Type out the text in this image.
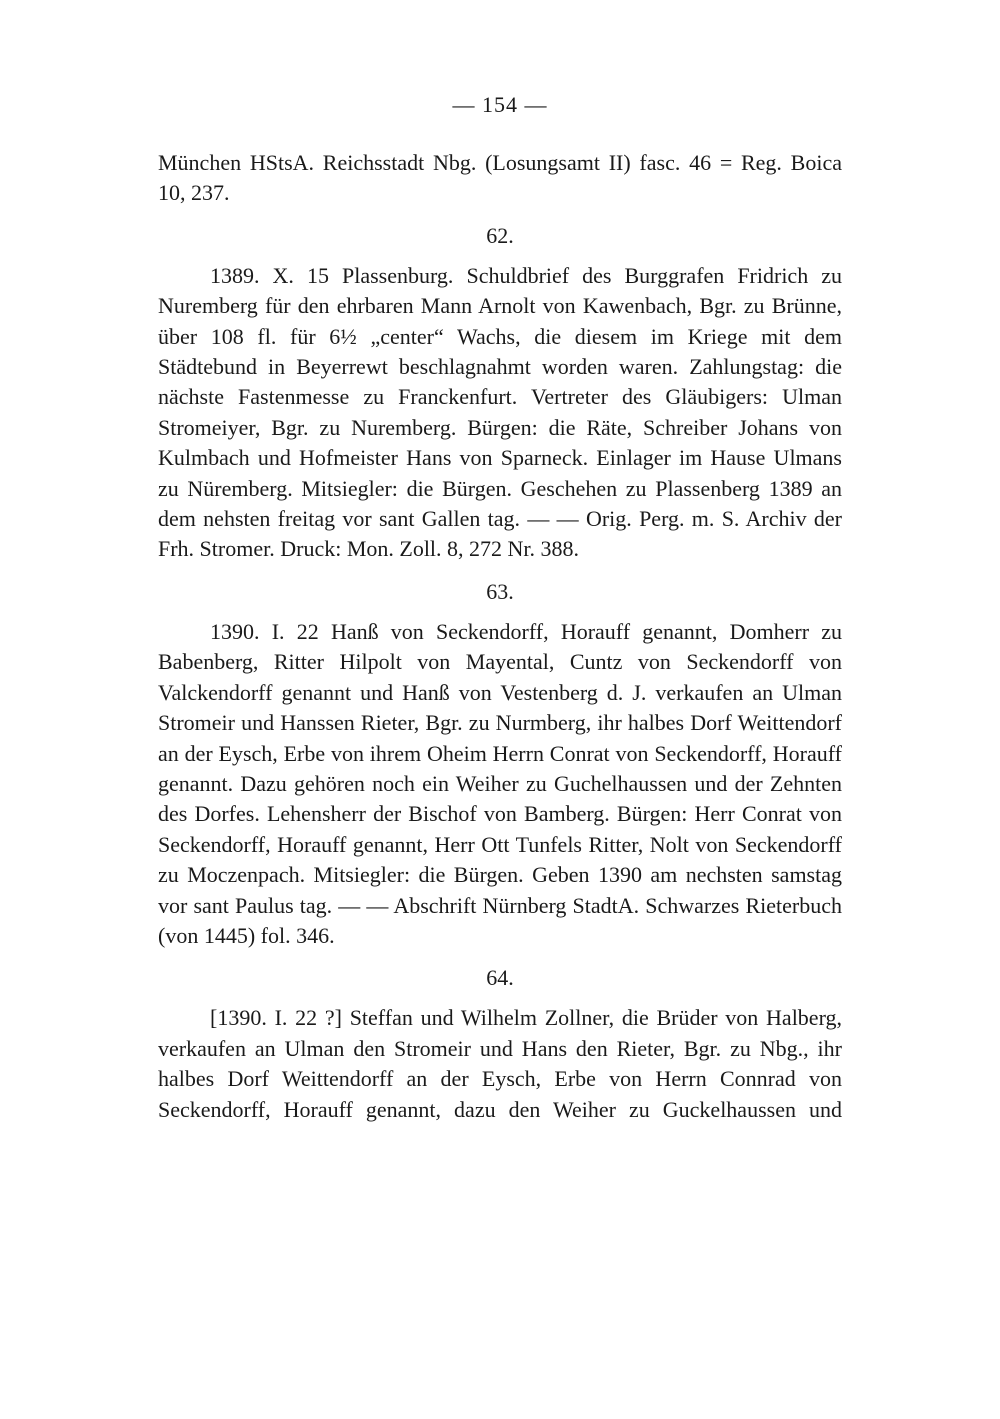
— 154 —

München HStsA. Reichsstadt Nbg. (Losungsamt II) fasc. 46 = Reg. Boica 10, 237.

62.

1389. X. 15 Plassenburg. Schuldbrief des Burggrafen Fridrich zu Nuremberg für den ehrbaren Mann Arnolt von Kawenbach, Bgr. zu Brünne, über 108 fl. für 6½ „center“ Wachs, die diesem im Kriege mit dem Städtebund in Beyerrewt beschlagnahmt worden waren. Zahlungstag: die nächste Fastenmesse zu Franckenfurt. Vertreter des Gläubigers: Ulman Stromeiyer, Bgr. zu Nuremberg. Bürgen: die Räte, Schreiber Johans von Kulmbach und Hofmeister Hans von Sparneck. Einlager im Hause Ulmans zu Nüremberg. Mitsiegler: die Bürgen. Geschehen zu Plassenberg 1389 an dem nehsten freitag vor sant Gallen tag. — — Orig. Perg. m. S. Archiv der Frh. Stromer. Druck: Mon. Zoll. 8, 272 Nr. 388.

63.

1390. I. 22 Hanß von Seckendorff, Horauff genannt, Domherr zu Babenberg, Ritter Hilpolt von Mayental, Cuntz von Seckendorff von Valckendorff genannt und Hanß von Vestenberg d. J. verkaufen an Ulman Stromeir und Hanssen Rieter, Bgr. zu Nurmberg, ihr halbes Dorf Weittendorf an der Eysch, Erbe von ihrem Oheim Herrn Conrat von Seckendorff, Horauff genannt. Dazu gehören noch ein Weiher zu Guchelhaussen und der Zehnten des Dorfes. Lehensherr der Bischof von Bamberg. Bürgen: Herr Conrat von Seckendorff, Horauff genannt, Herr Ott Tunfels Ritter, Nolt von Seckendorff zu Moczenpach. Mitsiegler: die Bürgen. Geben 1390 am nechsten samstag vor sant Paulus tag. — — Abschrift Nürnberg StadtA. Schwarzes Rieterbuch (von 1445) fol. 346.

64.

[1390. I. 22 ?] Steffan und Wilhelm Zollner, die Brüder von Halberg, verkaufen an Ulman den Stromeir und Hans den Rieter, Bgr. zu Nbg., ihr halbes Dorf Weittendorff an der Eysch, Erbe von Herrn Connrad von Seckendorff, Horauff genannt, dazu den Weiher zu Guckelhaussen und
